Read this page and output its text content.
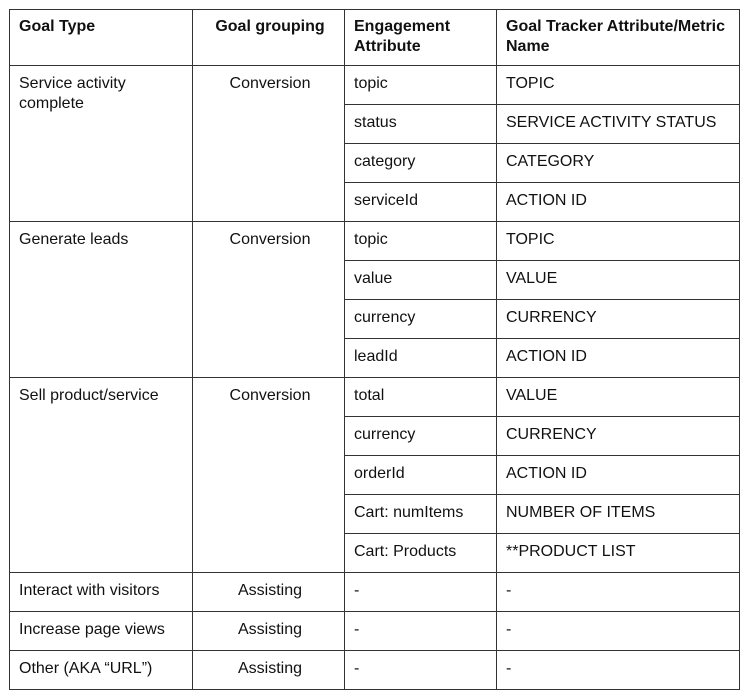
Goal Type	Goal grouping	Engagement Attribute	Goal Tracker Attribute/Metric Name
Service activity complete	Conversion	topic	TOPIC
		status	SERVICE ACTIVITY STATUS
		category	CATEGORY
		serviceId	ACTION ID
Generate leads	Conversion	topic	TOPIC
		value	VALUE
		currency	CURRENCY
		leadId	ACTION ID
Sell product/service	Conversion	total	VALUE
		currency	CURRENCY
		orderId	ACTION ID
		Cart: numItems	NUMBER OF ITEMS
		Cart: Products	**PRODUCT LIST
Interact with visitors	Assisting	-	-
Increase page views	Assisting	-	-
Other (AKA “URL”)	Assisting	-	-
